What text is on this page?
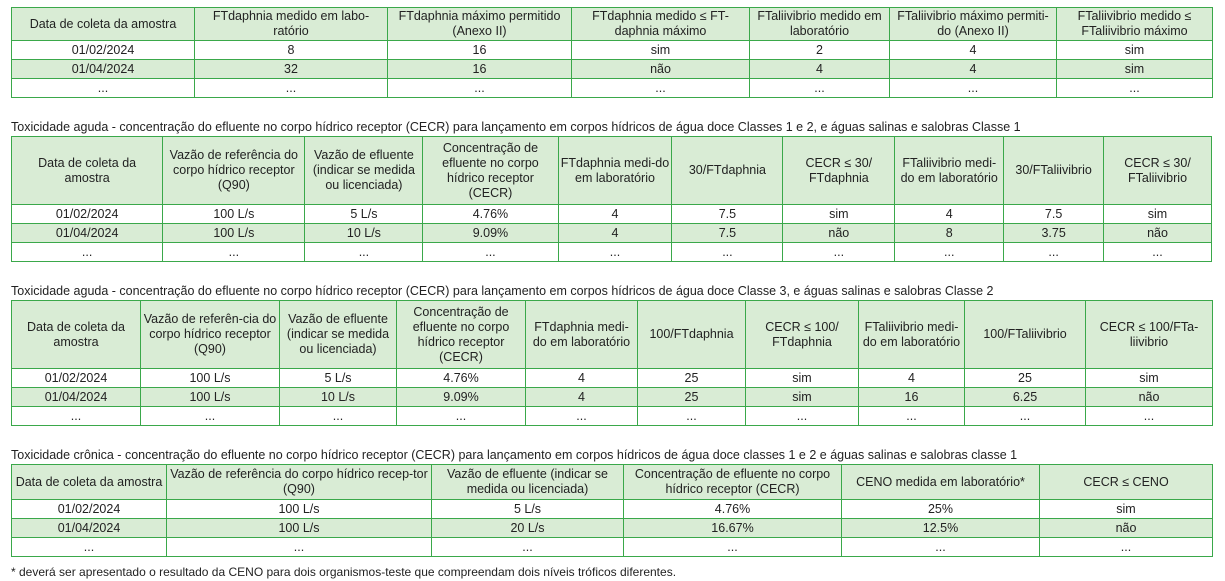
Data de coleta da amostra	FTdaphnia medido em labo-ratório	FTdaphnia máximo permitido (Anexo II)	FTdaphnia medido ≤ FT-daphnia máximo	FTaliivibrio medido em laboratório	FTaliivibrio máximo permiti-do (Anexo II)	FTaliivibrio medido ≤ FTaliivibrio máximo
01/02/2024	8	16	sim	2	4	sim
01/04/2024	32	16	não	4	4	sim
...	...	...	...	...	...	...
Toxicidade aguda - concentração do efluente no corpo hídrico receptor (CECR) para lançamento em corpos hídricos de água doce Classes 1 e 2, e águas salinas e salobras Classe 1
Data de coleta da amostra	Vazão de referência do corpo hídrico receptor (Q90)	Vazão de efluente (indicar se medida ou licenciada)	Concentração de efluente no corpo hídrico receptor (CECR)	FTdaphnia medi-do em laboratório	30/FTdaphnia	CECR ≤ 30/ FTdaphnia	FTaliivibrio medi-do em laboratório	30/FTaliivibrio	CECR ≤ 30/ FTaliivibrio
01/02/2024	100 L/s	5 L/s	4.76%	4	7.5	sim	4	7.5	sim
01/04/2024	100 L/s	10 L/s	9.09%	4	7.5	não	8	3.75	não
...	...	...	...	...	...	...	...	...	...
Toxicidade aguda - concentração do efluente no corpo hídrico receptor (CECR) para lançamento em corpos hídricos de água doce Classe 3, e águas salinas e salobras Classe 2
Data de coleta da amostra	Vazão de referên-cia do corpo hídrico receptor (Q90)	Vazão de efluente (indicar se medida ou licenciada)	Concentração de efluente no corpo hídrico receptor (CECR)	FTdaphnia medi-do em laboratório	100/FTdaphnia	CECR ≤ 100/ FTdaphnia	FTaliivibrio medi-do em laboratório	100/FTaliivibrio	CECR ≤ 100/FTa-liivibrio
01/02/2024	100 L/s	5 L/s	4.76%	4	25	sim	4	25	sim
01/04/2024	100 L/s	10 L/s	9.09%	4	25	sim	16	6.25	não
...	...	...	...	...	...	...	...	...	...
Toxicidade crônica - concentração do efluente no corpo hídrico receptor (CECR) para lançamento em corpos hídricos de água doce classes 1 e 2 e águas salinas e salobras classe 1
Data de coleta da amostra	Vazão de referência do corpo hídrico recep-tor (Q90)	Vazão de efluente (indicar se medida ou licenciada)	Concentração de efluente no corpo hídrico receptor (CECR)	CENO medida em laboratório*	CECR ≤ CENO
01/02/2024	100 L/s	5 L/s	4.76%	25%	sim
01/04/2024	100 L/s	20 L/s	16.67%	12.5%	não
...	...	...	...	...	...
* deverá ser apresentado o resultado da CENO para dois organismos-teste que compreendam dois níveis tróficos diferentes.
